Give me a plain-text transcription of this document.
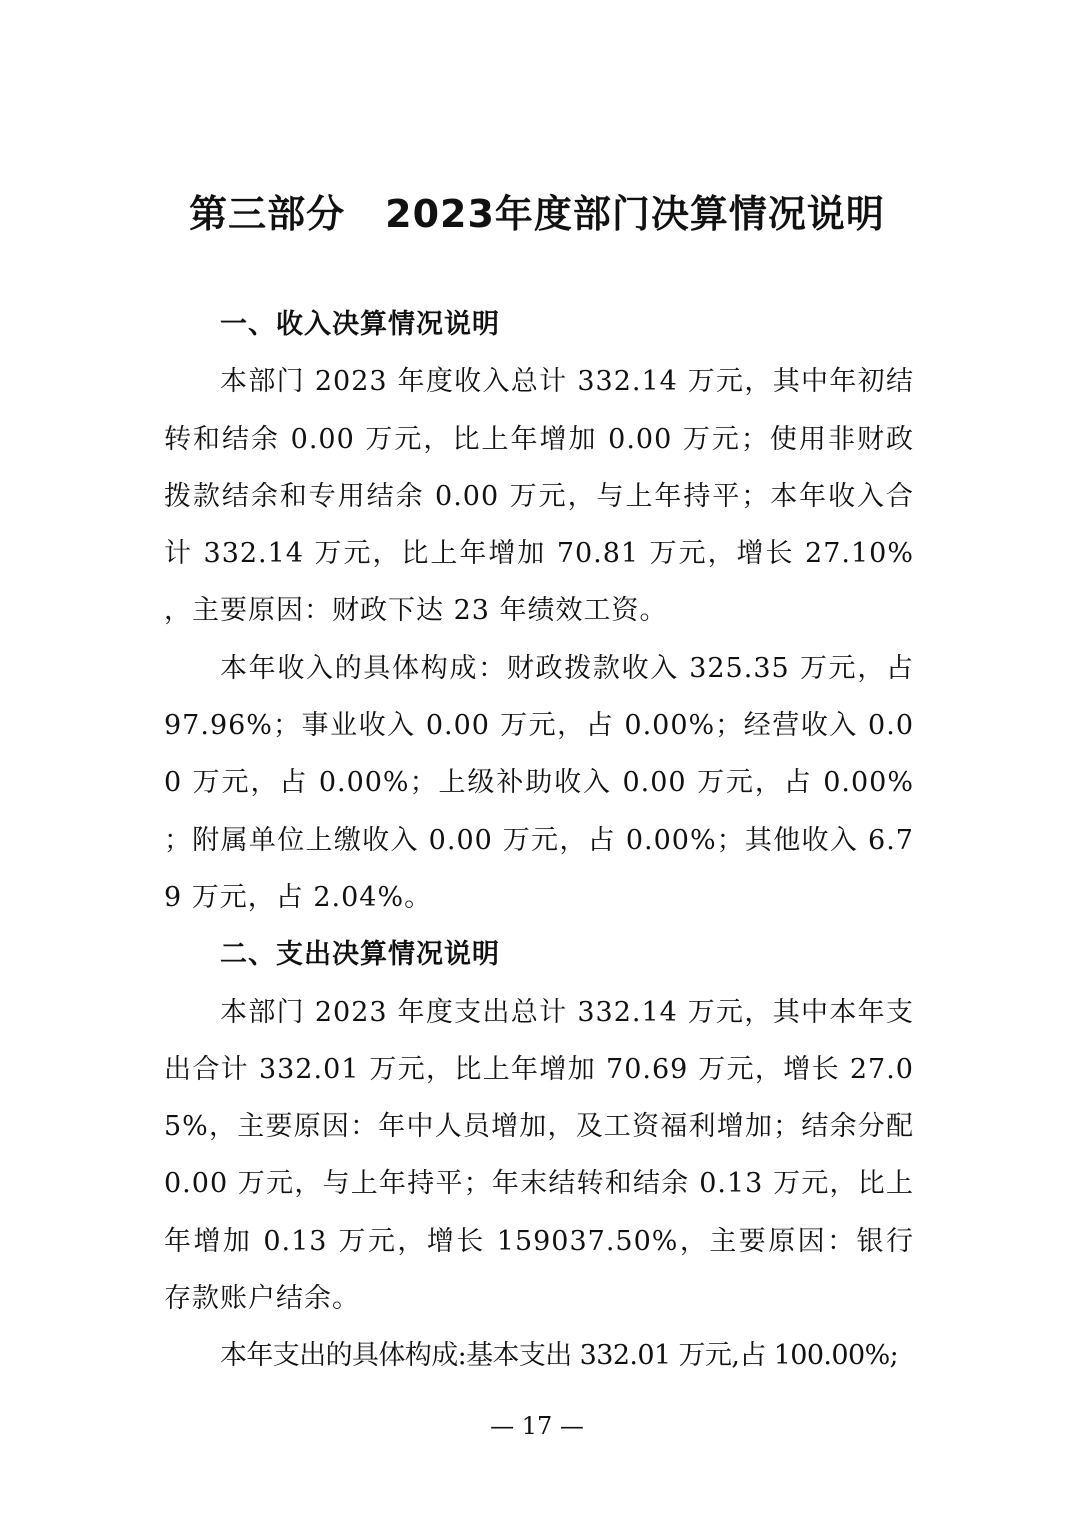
第三部分 2023年度部门决算情况说明

一、收入决算情况说明

本部门 2023 年度收入总计 332.14 万元，其中年初结转和结余 0.00 万元，比上年增加 0.00 万元；使用非财政拨款结余和专用结余 0.00 万元，与上年持平；本年收入合计 332.14 万元，比上年增加 70.81 万元，增长 27.10%，主要原因：财政下达 23 年绩效工资。

本年收入的具体构成：财政拨款收入 325.35 万元，占 97.96%；事业收入 0.00 万元，占 0.00%；经营收入 0.00 万元，占 0.00%；上级补助收入 0.00 万元，占 0.00%；附属单位上缴收入 0.00 万元，占 0.00%；其他收入 6.79 万元，占 2.04%。

二、支出决算情况说明

本部门 2023 年度支出总计 332.14 万元，其中本年支出合计 332.01 万元，比上年增加 70.69 万元，增长 27.05%，主要原因：年中人员增加，及工资福利增加；结余分配 0.00 万元，与上年持平；年末结转和结余 0.13 万元，比上年增加 0.13 万元，增长 159037.50%，主要原因：银行存款账户结余。

本年支出的具体构成:基本支出 332.01 万元,占 100.00%;

— 17 —
